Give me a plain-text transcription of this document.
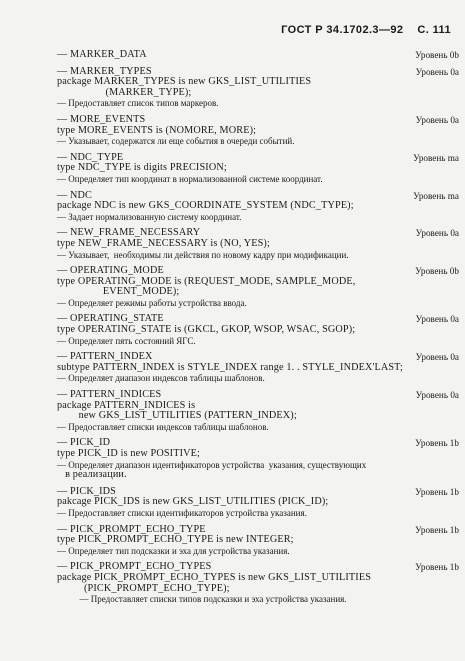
ГОСТ Р 34.1702.3—92 С. 111
— MARKER_DATA	Уровень 0b
— MARKER_TYPES
package MARKER_TYPES is new GKS_LIST_UTILITIES
(MARKER_TYPE);
— Предоставляет список типов маркеров.
Уровень 0a
— MORE_EVENTS
type MORE_EVENTS is (NOMORE, MORE);
— Указывает, содержатся ли еще события в очереди событий.
Уровень 0a
— NDC_TYPE
type NDC_TYPE is digits PRECISION;
— Определяет тип координат в нормализованной системе координат.
Уровень ma
— NDC
package NDC is new GKS_COORDINATE_SYSTEM (NDC_TYPE);
— Задает нормализованную систему координат.
Уровень ma
— NEW_FRAME_NECESSARY
type NEW_FRAME_NECESSARY is (NO, YES);
— Указывает,  необходимы ли действия по новому кадру при модификации.
Уровень 0a
— OPERATING_MODE
type OPERATING_MODE is (REQUEST_MODE, SAMPLE_MODE,
EVENT_MODE);
— Определяет режимы работы устройства ввода.
Уровень 0b
— OPERATING_STATE
type OPERATING_STATE is (GKCL, GKOP, WSOP, WSAC, SGOP);
— Определяет пять состояний ЯГС.
Уровень 0a
— PATTERN_INDEX
subtype PATTERN_INDEX is STYLE_INDEX range 1. . STYLE_INDEX'LAST;
— Определяет диапазон индексов таблицы шаблонов.
Уровень 0a
— PATTERN_INDICES
package PATTERN_INDICES is
new GKS_LIST_UTILITIES (PATTERN_INDEX);
— Предоставляет списки индексов таблицы шаблонов.
Уровень 0a
— PICK_ID
type PICK_ID is new POSITIVE;
— Определяет диапазон идентификаторов устройства  указания, существующих
в реализации.
Уровень 1b
— PICK_IDS
pakcage PICK_IDS is new GKS_LIST_UTILITIES (PICK_ID);
— Предоставляет списки идентификаторов устройства указания.
Уровень 1b
— PICK_PROMPT_ECHO_TYPE
type PICK_PROMPT_ECHO_TYPE is new INTEGER;
— Определяет тип подсказки и эха для устройства указания.
Уровень 1b
— PICK_PROMPT_ECHO_TYPES
package PICK_PROMPT_ECHO_TYPES is new GKS_LIST_UTILITIES
(PICK_PROMPT_ECHO_TYPE);
— Предоставляет списки типов подсказки и эха устройства указания.
Уровень 1b
